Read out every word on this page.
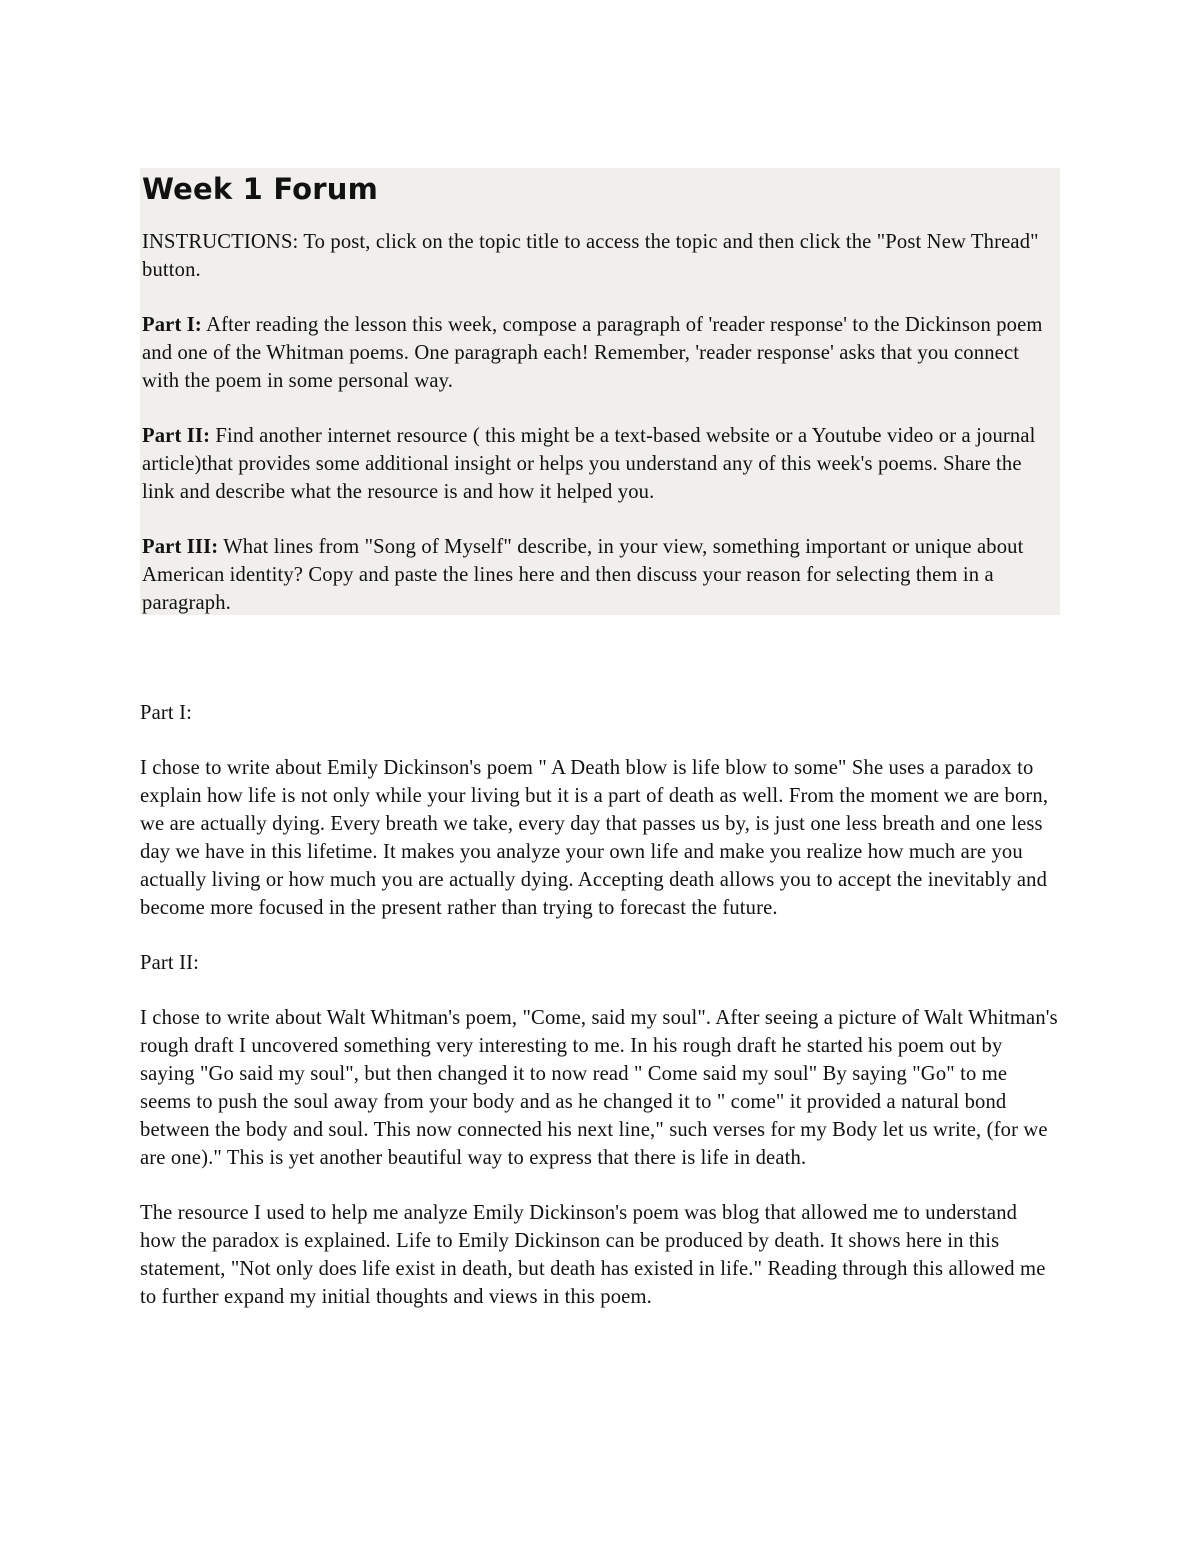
Week 1 Forum

INSTRUCTIONS: To post, click on the topic title to access the topic and then click the "Post New Thread" button.

Part I: After reading the lesson this week, compose a paragraph of 'reader response' to the Dickinson poem and one of the Whitman poems. One paragraph each! Remember, 'reader response' asks that you connect with the poem in some personal way.

Part II: Find another internet resource ( this might be a text-based website or a Youtube video or a journal article)that provides some additional insight or helps you understand any of this week's poems. Share the link and describe what the resource is and how it helped you.

Part III: What lines from "Song of Myself" describe, in your view, something important or unique about American identity? Copy and paste the lines here and then discuss your reason for selecting them in a paragraph.

Part I:

I chose to write about Emily Dickinson's poem " A Death blow is life blow to some" She uses a paradox to explain how life is not only while your living but it is a part of death as well. From the moment we are born, we are actually dying. Every breath we take, every day that passes us by, is just one less breath and one less day we have in this lifetime. It makes you analyze your own life and make you realize how much are you actually living or how much you are actually dying. Accepting death allows you to accept the inevitably and become more focused in the present rather than trying to forecast the future.

Part II:

I chose to write about Walt Whitman's poem, "Come, said my soul". After seeing a picture of Walt Whitman's rough draft I uncovered something very interesting to me. In his rough draft he started his poem out by saying "Go said my soul", but then changed it to now read " Come said my soul" By saying "Go" to me seems to push the soul away from your body and as he changed it to " come" it provided a natural bond between the body and soul. This now connected his next line," such verses for my Body let us write, (for we are one)." This is yet another beautiful way to express that there is life in death.

The resource I used to help me analyze Emily Dickinson's poem was blog that allowed me to understand how the paradox is explained. Life to Emily Dickinson can be produced by death. It shows here in this statement, "Not only does life exist in death, but death has existed in life." Reading through this allowed me to further expand my initial thoughts and views in this poem.
